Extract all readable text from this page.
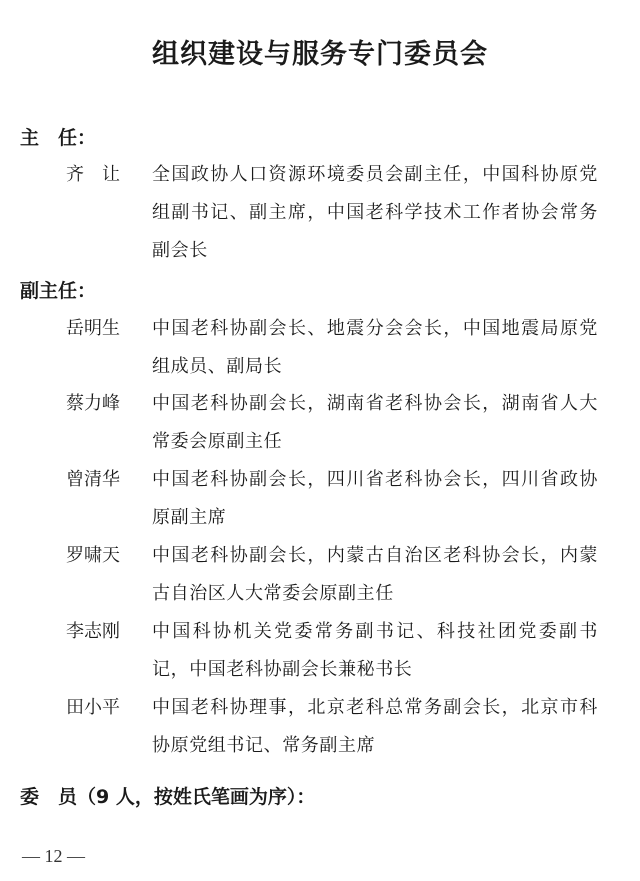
组织建设与服务专门委员会
主　任：
齐　让	全国政协人口资源环境委员会副主任，中国科协原党组副书记、副主席，中国老科学技术工作者协会常务副会长
副主任：
岳明生	中国老科协副会长、地震分会会长，中国地震局原党组成员、副局长
蔡力峰	中国老科协副会长，湖南省老科协会长，湖南省人大常委会原副主任
曾清华	中国老科协副会长，四川省老科协会长，四川省政协原副主席
罗啸天	中国老科协副会长，内蒙古自治区老科协会长，内蒙古自治区人大常委会原副主任
李志刚	中国科协机关党委常务副书记、科技社团党委副书记，中国老科协副会长兼秘书长
田小平	中国老科协理事，北京老科总常务副会长，北京市科协原党组书记、常务副主席
委　员（9 人，按姓氏笔画为序）：
— 12 —
